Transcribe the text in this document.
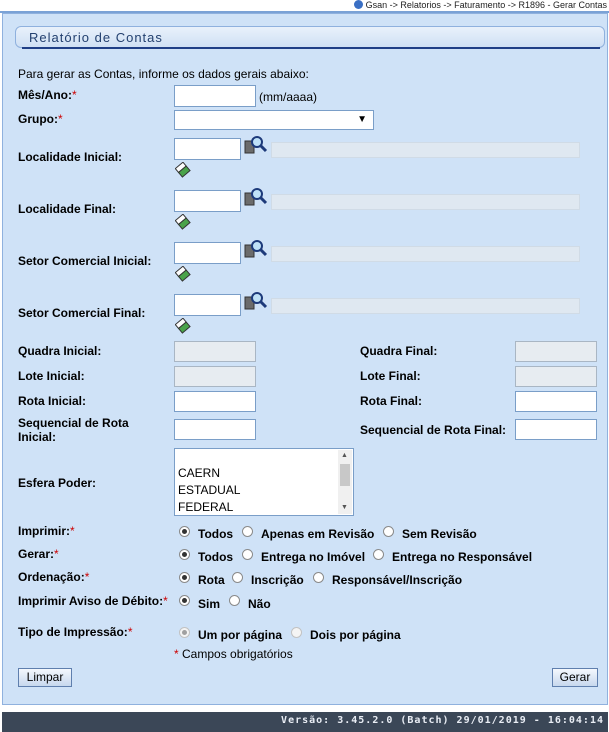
Gsan -> Relatorios -> Faturamento -> R1896 - Gerar Contas
Relatório de Contas
Para gerar as Contas, informe os dados gerais abaixo:
Mês/Ano:*	(mm/aaaa)
Grupo:*	▼
Localidade Inicial:
Localidade Final:
Setor Comercial Inicial:
Setor Comercial Final:
Quadra Inicial:	Quadra Final:
Lote Inicial:	Lote Final:
Rota Inicial:	Rota Final:
Sequencial de Rota
Inicial:	Sequencial de Rota Final:
Esfera Poder:
CAERN
ESTADUAL
FEDERAL
▲
▼
Imprimir:*	Todos Apenas em Revisão Sem Revisão
Gerar:*	Todos Entrega no Imóvel Entrega no Responsável
Ordenação:*	Rota Inscrição Responsável/Inscrição
Imprimir Aviso de Débito:*	Sim Não
Tipo de Impressão:*	Um por página Dois por página
* Campos obrigatórios
Limpar	Gerar
Versão: 3.45.2.0 (Batch) 29/01/2019 - 16:04:14
